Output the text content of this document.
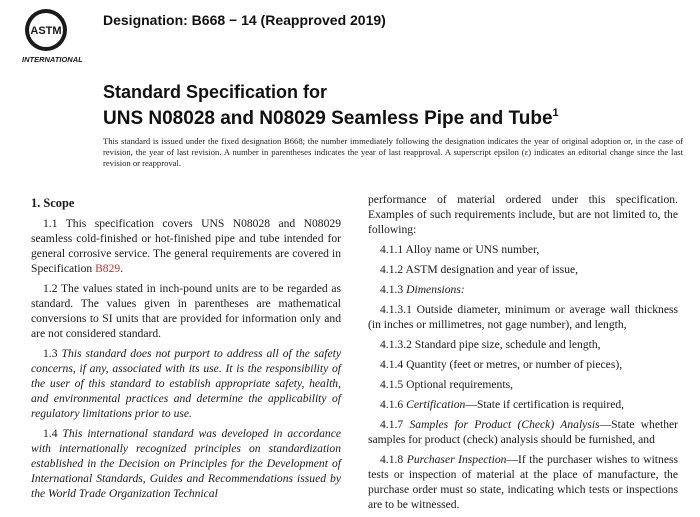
ASTM
INTERNATIONAL
Designation: B668 − 14 (Reapproved 2019)
Standard Specification for
UNS N08028 and N08029 Seamless Pipe and Tube$^1$
This standard is issued under the fixed designation B668; the number immediately following the designation indicates the year of original adoption or, in the case of revision, the year of last revision. A number in parentheses indicates the year of last reapproval. A superscript epsilon (ε) indicates an editorial change since the last revision or reapproval.

1. Scope

1.1 This specification covers UNS N08028 and N08029 seamless cold-finished or hot-finished pipe and tube intended for general corrosive service. The general requirements are covered in Specification B829.

1.2 The values stated in inch-pound units are to be regarded as standard. The values given in parentheses are mathematical conversions to SI units that are provided for information only and are not considered standard.

1.3 This standard does not purport to address all of the safety concerns, if any, associated with its use. It is the responsibility of the user of this standard to establish appropriate safety, health, and environmental practices and determine the applicability of regulatory limitations prior to use.

1.4 This international standard was developed in accordance with internationally recognized principles on standardization established in the Decision on Principles for the Development of International Standards, Guides and Recommendations issued by the World Trade Organization Technical

performance of material ordered under this specification. Examples of such requirements include, but are not limited to, the following:

4.1.1 Alloy name or UNS number,

4.1.2 ASTM designation and year of issue,

4.1.3 Dimensions:

4.1.3.1 Outside diameter, minimum or average wall thickness (in inches or millimetres, not gage number), and length,

4.1.3.2 Standard pipe size, schedule and length,

4.1.4 Quantity (feet or metres, or number of pieces),

4.1.5 Optional requirements,

4.1.6 Certification—State if certification is required,

4.1.7 Samples for Product (Check) Analysis—State whether samples for product (check) analysis should be furnished, and

4.1.8 Purchaser Inspection—If the purchaser wishes to witness tests or inspection of material at the place of manufacture, the purchase order must so state, indicating which tests or inspections are to be witnessed.
